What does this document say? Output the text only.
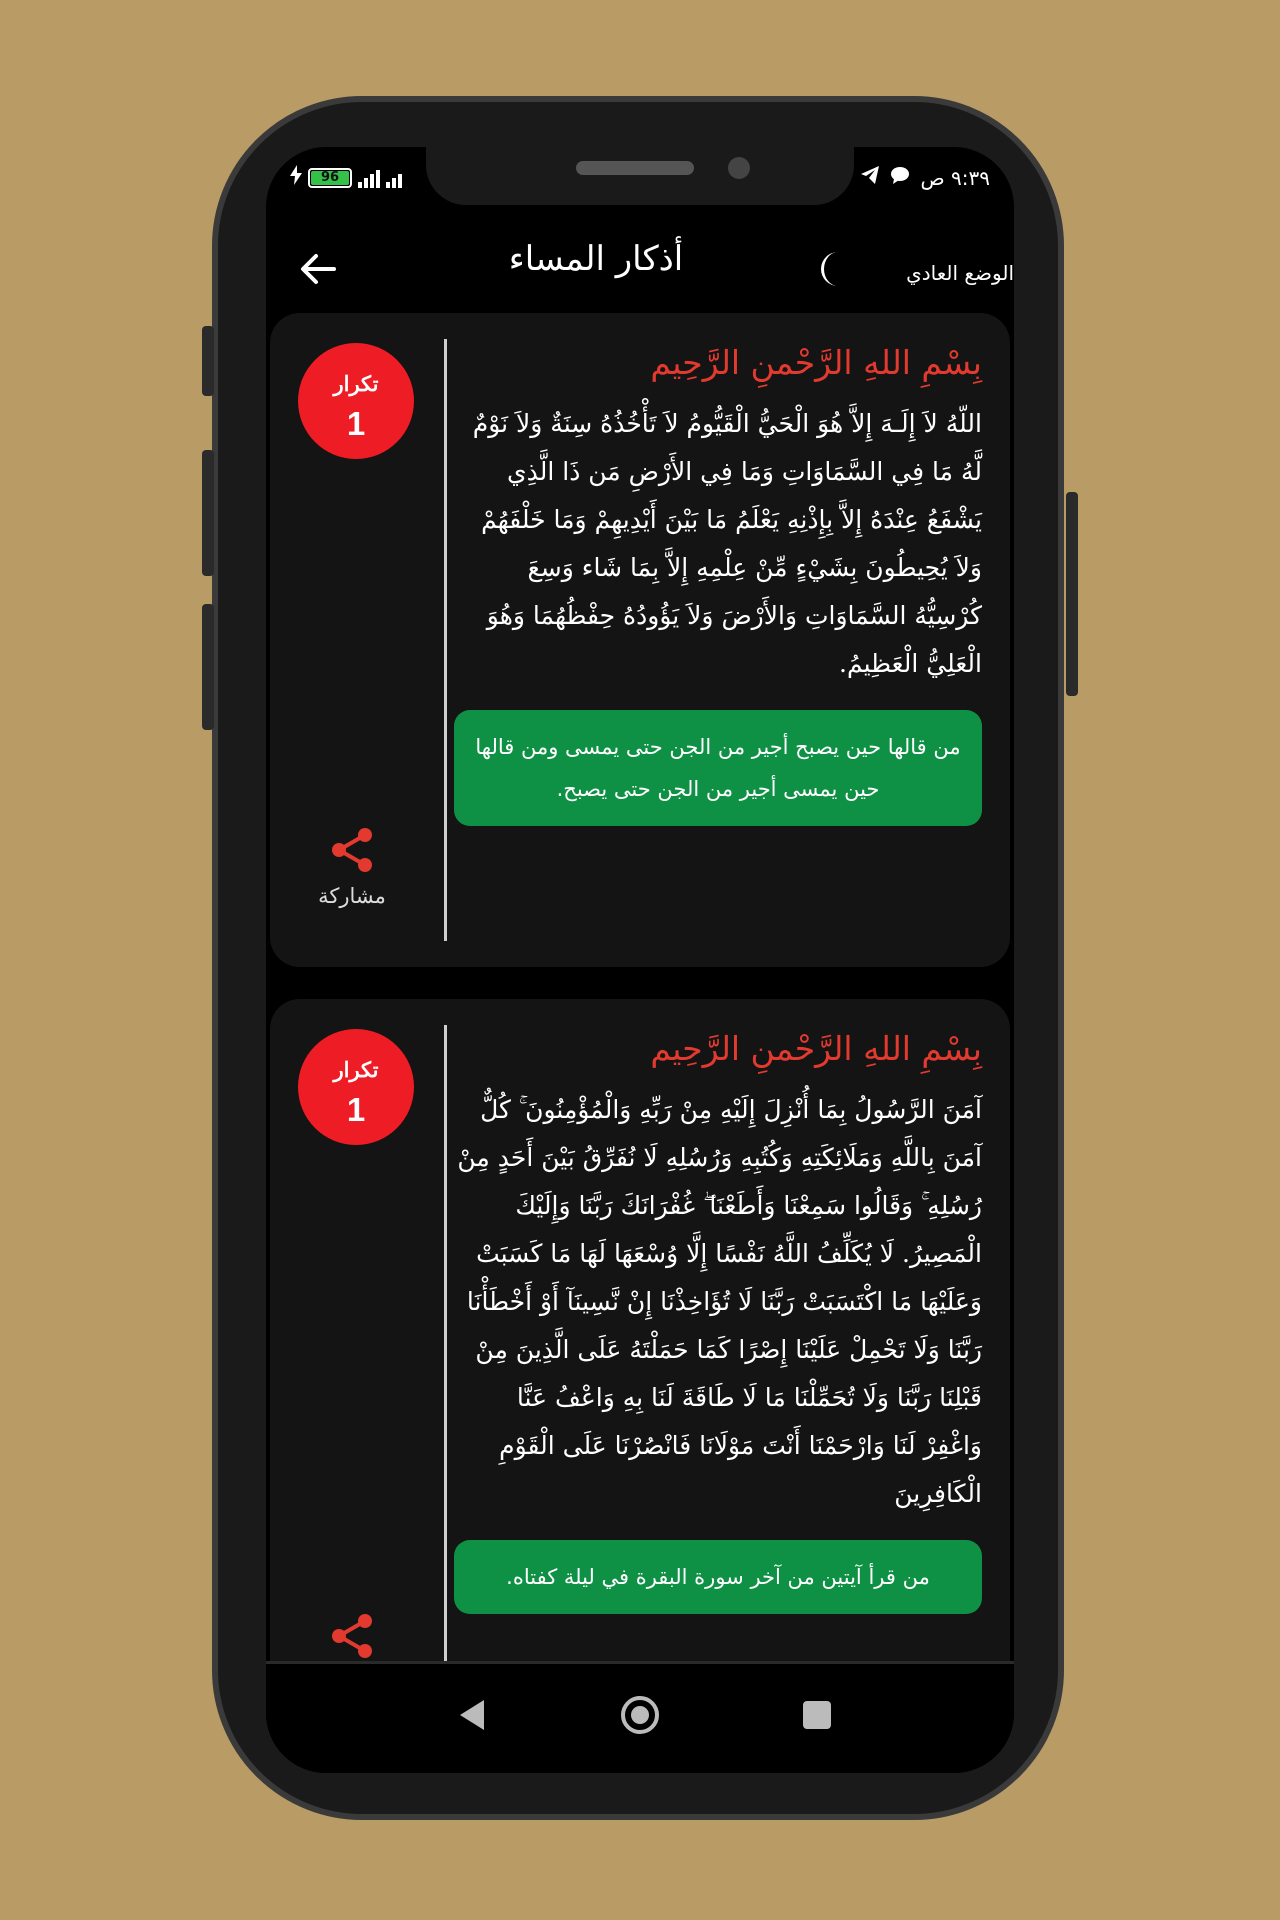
96	٩:٣٩ ص
أذكار المساء	الوضع العادي
تكرار
1
مشاركة
بِسْمِ اللهِ الرَّحْمنِ الرَّحِيم
اللّهُ لاَ إِلَـهَ إِلاَّ هُوَ الْحَيُّ الْقَيُّومُ لاَ تَأْخُذُهُ سِنَةٌ وَلاَ نَوْمٌ لَّهُ مَا فِي السَّمَاوَاتِ وَمَا فِي الأَرْضِ مَن ذَا الَّذِي يَشْفَعُ عِنْدَهُ إِلاَّ بِإِذْنِهِ يَعْلَمُ مَا بَيْنَ أَيْدِيهِمْ وَمَا خَلْفَهُمْ وَلاَ يُحِيطُونَ بِشَيْءٍ مِّنْ عِلْمِهِ إِلاَّ بِمَا شَاء وَسِعَ كُرْسِيُّهُ السَّمَاوَاتِ وَالأَرْضَ وَلاَ يَؤُودُهُ حِفْظُهُمَا وَهُوَ الْعَلِيُّ الْعَظِيمُ.
من قالها حين يصبح أجير من الجن حتى يمسى ومن قالها حين يمسى أجير من الجن حتى يصبح.
تكرار
1
بِسْمِ اللهِ الرَّحْمنِ الرَّحِيم
آمَنَ الرَّسُولُ بِمَا أُنْزِلَ إِلَيْهِ مِنْ رَبِّهِ وَالْمُؤْمِنُونَ ۚ كُلٌّ آمَنَ بِاللَّهِ وَمَلَائِكَتِهِ وَكُتُبِهِ وَرُسُلِهِ لَا نُفَرِّقُ بَيْنَ أَحَدٍ مِنْ رُسُلِهِ ۚ وَقَالُوا سَمِعْنَا وَأَطَعْنَا ۖ غُفْرَانَكَ رَبَّنَا وَإِلَيْكَ الْمَصِيرُ. لَا يُكَلِّفُ اللَّهُ نَفْسًا إِلَّا وُسْعَهَا لَهَا مَا كَسَبَتْ وَعَلَيْهَا مَا اكْتَسَبَتْ رَبَّنَا لَا تُؤَاخِذْنَا إِنْ نَّسِينَآ أَوْ أَخْطَأْنَا رَبَّنَا وَلَا تَحْمِلْ عَلَيْنَا إِصْرًا كَمَا حَمَلْتَهُ عَلَى الَّذِينَ مِنْ قَبْلِنَا رَبَّنَا وَلَا تُحَمِّلْنَا مَا لَا طَاقَةَ لَنَا بِهِ وَاعْفُ عَنَّا وَاغْفِرْ لَنَا وَارْحَمْنَا أَنْتَ مَوْلَانَا فَانْصُرْنَا عَلَى الْقَوْمِ الْكَافِرِينَ
من قرأ آيتين من آخر سورة البقرة في ليلة كفتاه.
